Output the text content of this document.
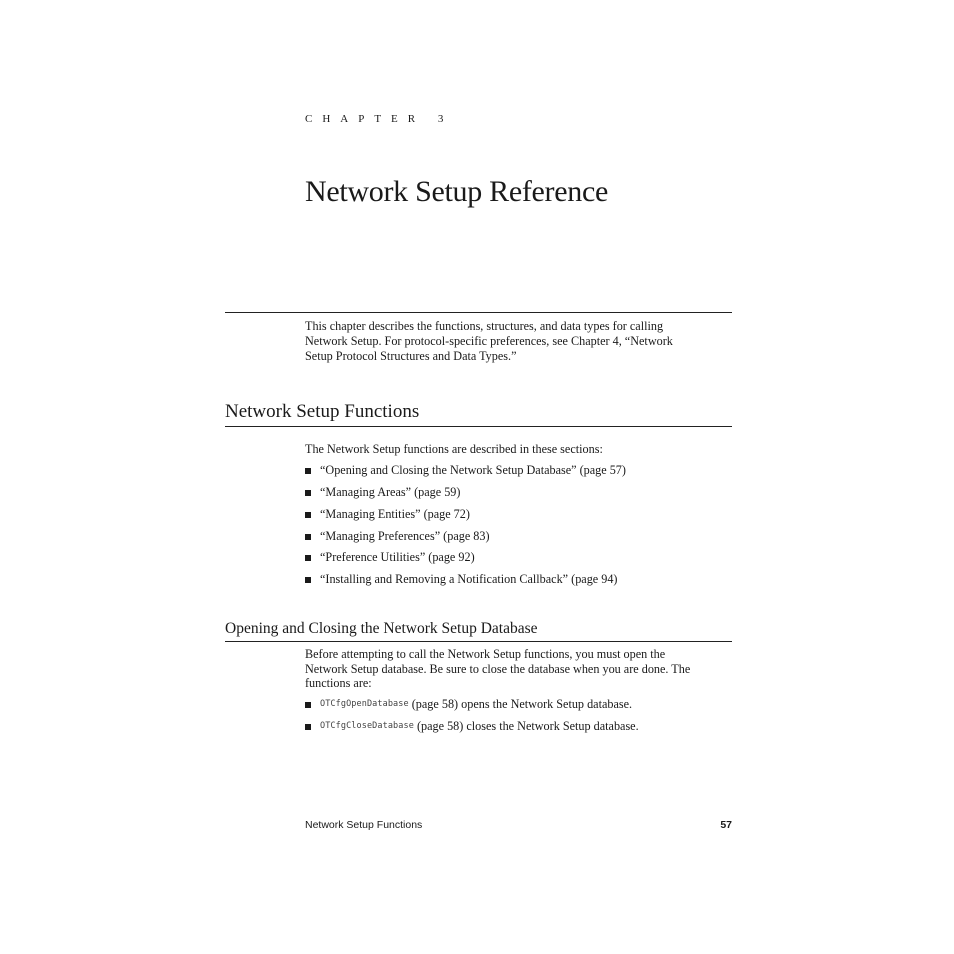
CHAPTER 3
Network Setup Reference
This chapter describes the functions, structures, and data types for calling
Network Setup. For protocol-specific preferences, see Chapter 4, “Network
Setup Protocol Structures and Data Types.”
Network Setup Functions
The Network Setup functions are described in these sections:
“Opening and Closing the Network Setup Database” (page 57)
“Managing Areas” (page 59)
“Managing Entities” (page 72)
“Managing Preferences” (page 83)
“Preference Utilities” (page 92)
“Installing and Removing a Notification Callback” (page 94)
Opening and Closing the Network Setup Database
Before attempting to call the Network Setup functions, you must open the
Network Setup database. Be sure to close the database when you are done. The
functions are:
OTCfgOpenDatabase (page 58) opens the Network Setup database.
OTCfgCloseDatabase (page 58) closes the Network Setup database.
Network Setup Functions	57
